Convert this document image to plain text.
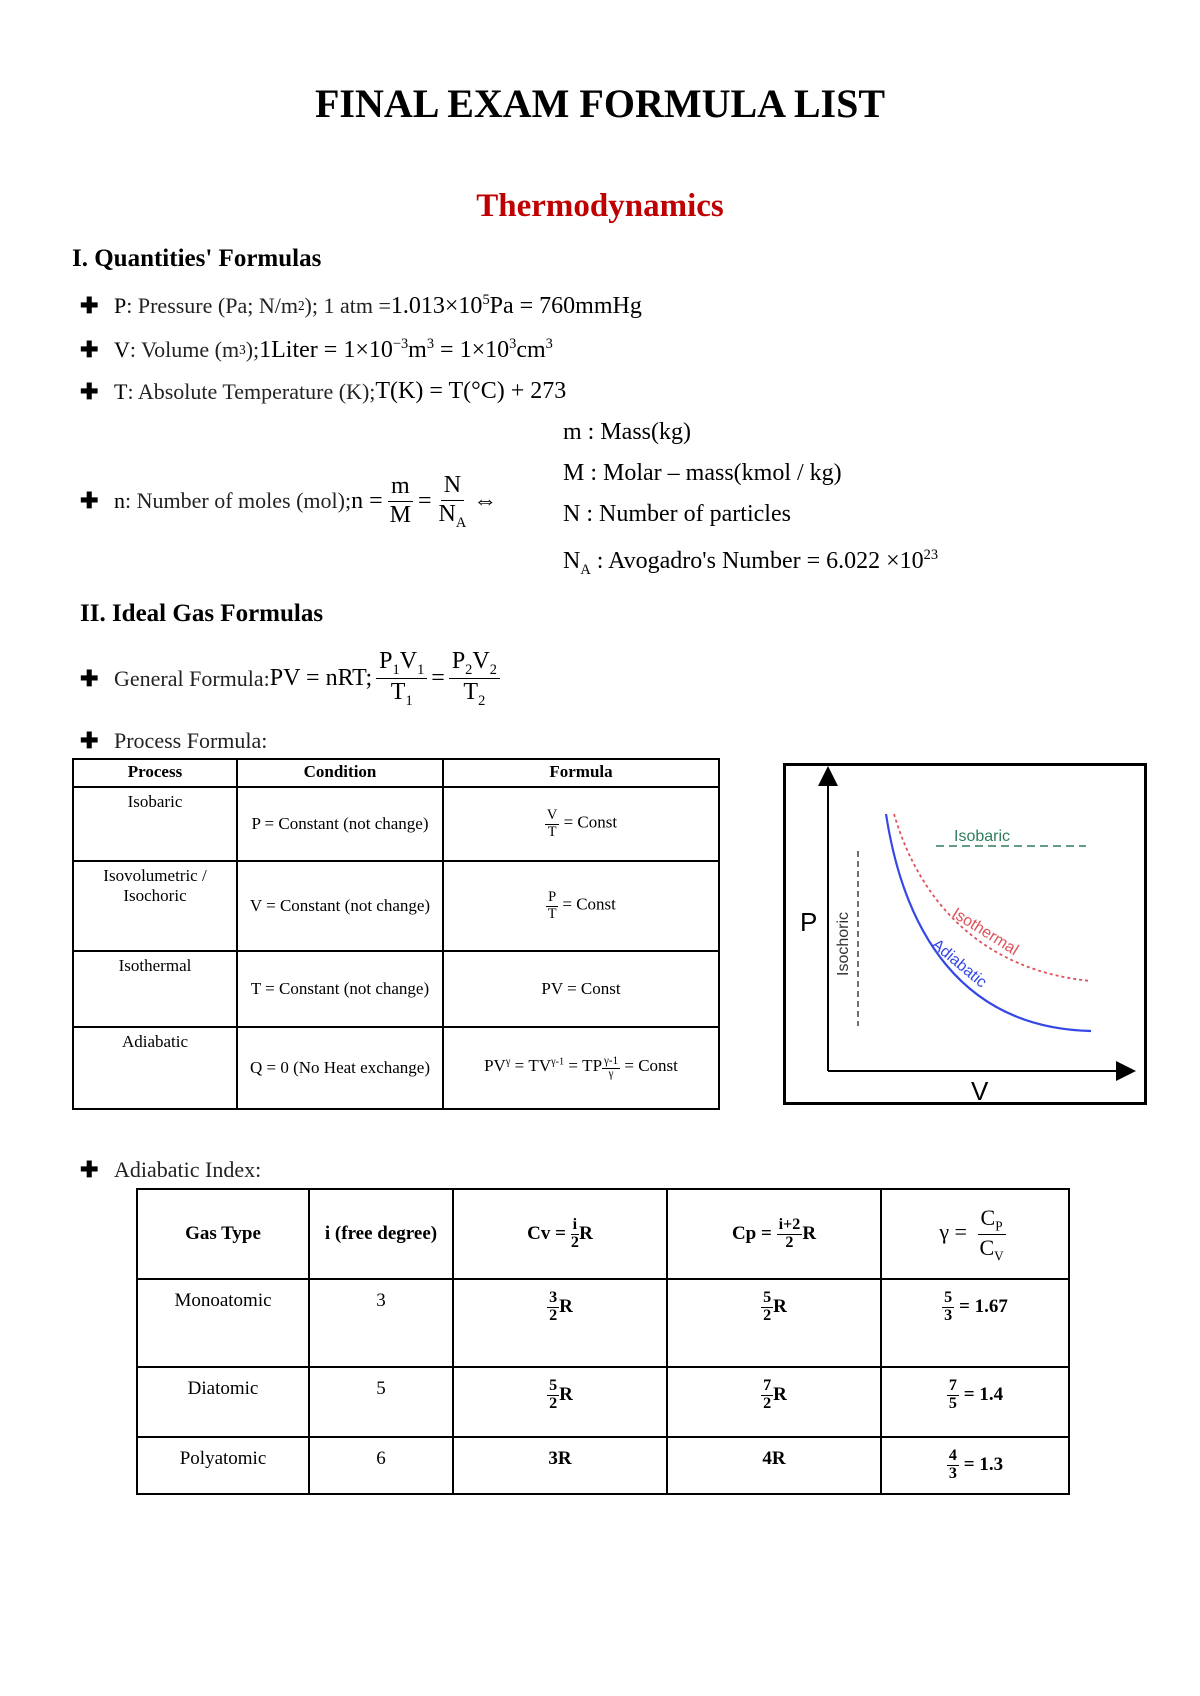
FINAL EXAM FORMULA LIST
Thermodynamics
I. Quantities' Formulas
✚ P : Pressure (Pa; N/m 2 ); 1 atm = $1.013\times 10^5Pa$ = 760mmHg
✚ V : Volume (m 3 ); 1Liter = $1\times 10^{-3}m^3 = 1\times 10^3cm^3$
✚ T : Absolute Temperature (K); T(K) = T(°C) + 273
✚ n : Number of moles (mol); $n = \frac{m}{M} = \frac{N}{N_A}$ ⇔
m : Mass(kg)
M : Molar – mass(kmol / kg)
N : Number of particles
$N_A$ : Avogadro's Number = $6.022 \times 10^{23}$
II. Ideal Gas Formulas
✚ General Formula: PV = nRT; $\frac{P_1V_1}{T_1} = \frac{P_2V_2}{T_2}$
✚ Process Formula:
Process	Condition	Formula
Isobaric	P = Constant (not change)	$\frac{V}{T}$ = Const
Isovolumetric / Isochoric	V = Constant (not change)	$\frac{P}{T}$ = Const
Isothermal	T = Constant (not change)	PV = Const
Adiabatic	Q = 0 (No Heat exchange)	$PV^\gamma = TV^{\gamma-1}$ = TP $\frac{\gamma-1}{\gamma}$ = Const
P
V
Isobaric
Isochoric	Isothermal
Adiabatic
✚ Adiabatic Index:
Gas Type	i (free degree)	$Cv = \frac{i}{2}$ R	$Cp = \frac{i+2}{2}$ R	$\gamma = \frac{C_P}{C_V}$

Monoatomic	3	$\frac{3}{2}$ R	$\frac{5}{2}$ R	$\frac{5}{3} = 1.67$
Diatomic	5	$\frac{5}{2}$ R	$\frac{7}{2}$ R	$\frac{7}{5} = 1.4$
Polyatomic	6	3R	4R	$\frac{4}{3} = 1.3$
